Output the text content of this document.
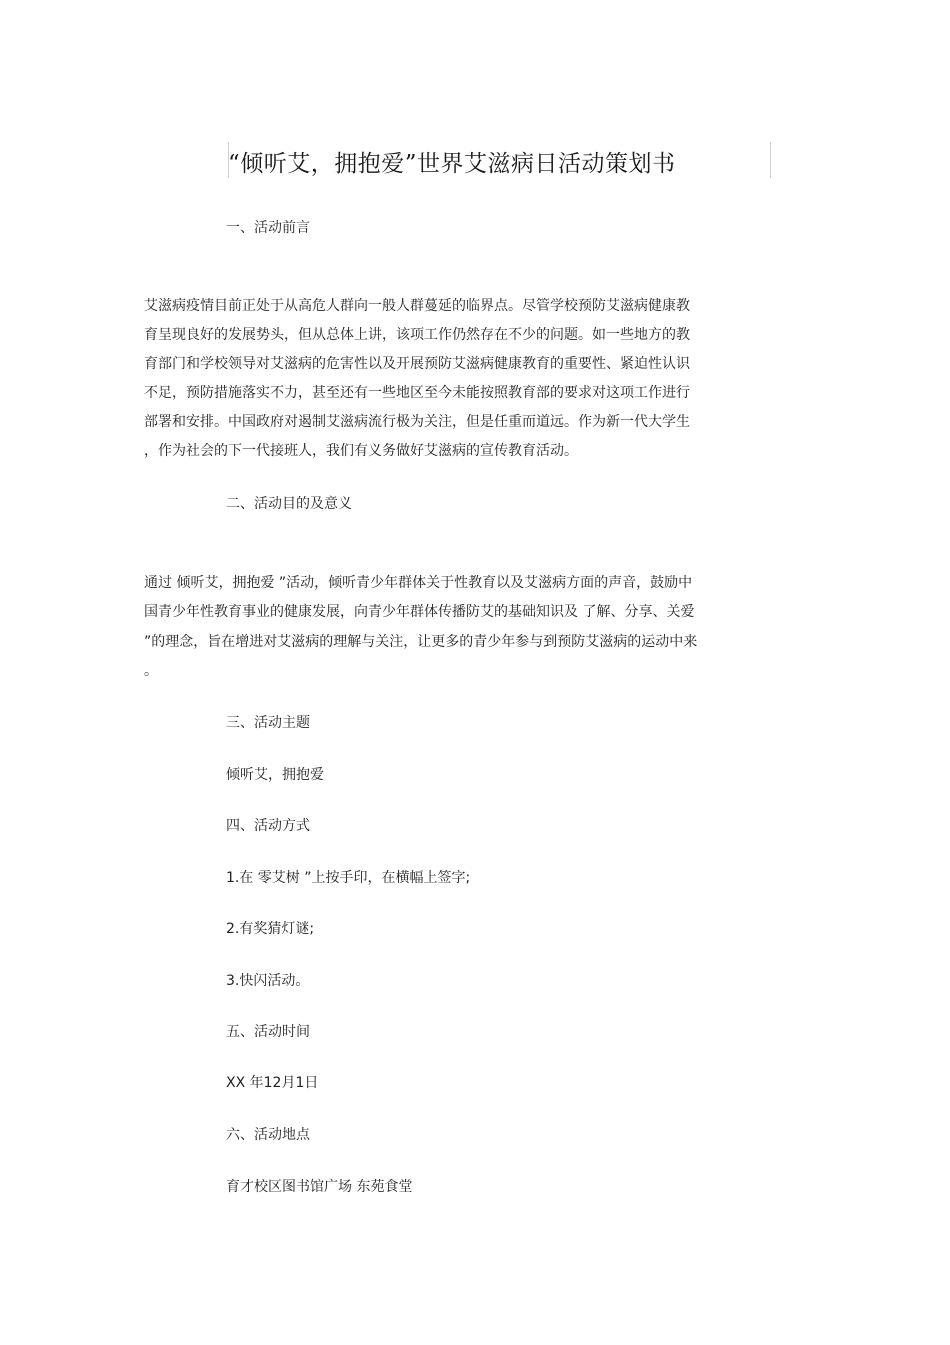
“倾听艾，拥抱爱”世界艾滋病日活动策划书
一、活动前言
艾滋病疫情目前正处于从高危人群向一般人群蔓延的临界点。尽管学校预防艾滋病健康教
育呈现良好的发展势头，但从总体上讲，该项工作仍然存在不少的问题。如一些地方的教
育部门和学校领导对艾滋病的危害性以及开展预防艾滋病健康教育的重要性、紧迫性认识
不足，预防措施落实不力，甚至还有一些地区至今未能按照教育部的要求对这项工作进行
部署和安排。中国政府对遏制艾滋病流行极为关注，但是任重而道远。作为新一代大学生
，作为社会的下一代接班人，我们有义务做好艾滋病的宣传教育活动。
二、活动目的及意义
通过 倾听艾，拥抱爱 ”活动，倾听青少年群体关于性教育以及艾滋病方面的声音，鼓励中
国青少年性教育事业的健康发展，向青少年群体传播防艾的基础知识及 了解、分享、关爱
”的理念，旨在增进对艾滋病的理解与关注，让更多的青少年参与到预防艾滋病的运动中来
。
三、活动主题
倾听艾，拥抱爱
四、活动方式
1.在 零艾树 ”上按手印，在横幅上签字;
2.有奖猜灯谜;
3.快闪活动。
五、活动时间
XX 年12月1日
六、活动地点
育才校区图书馆广场 东苑食堂
